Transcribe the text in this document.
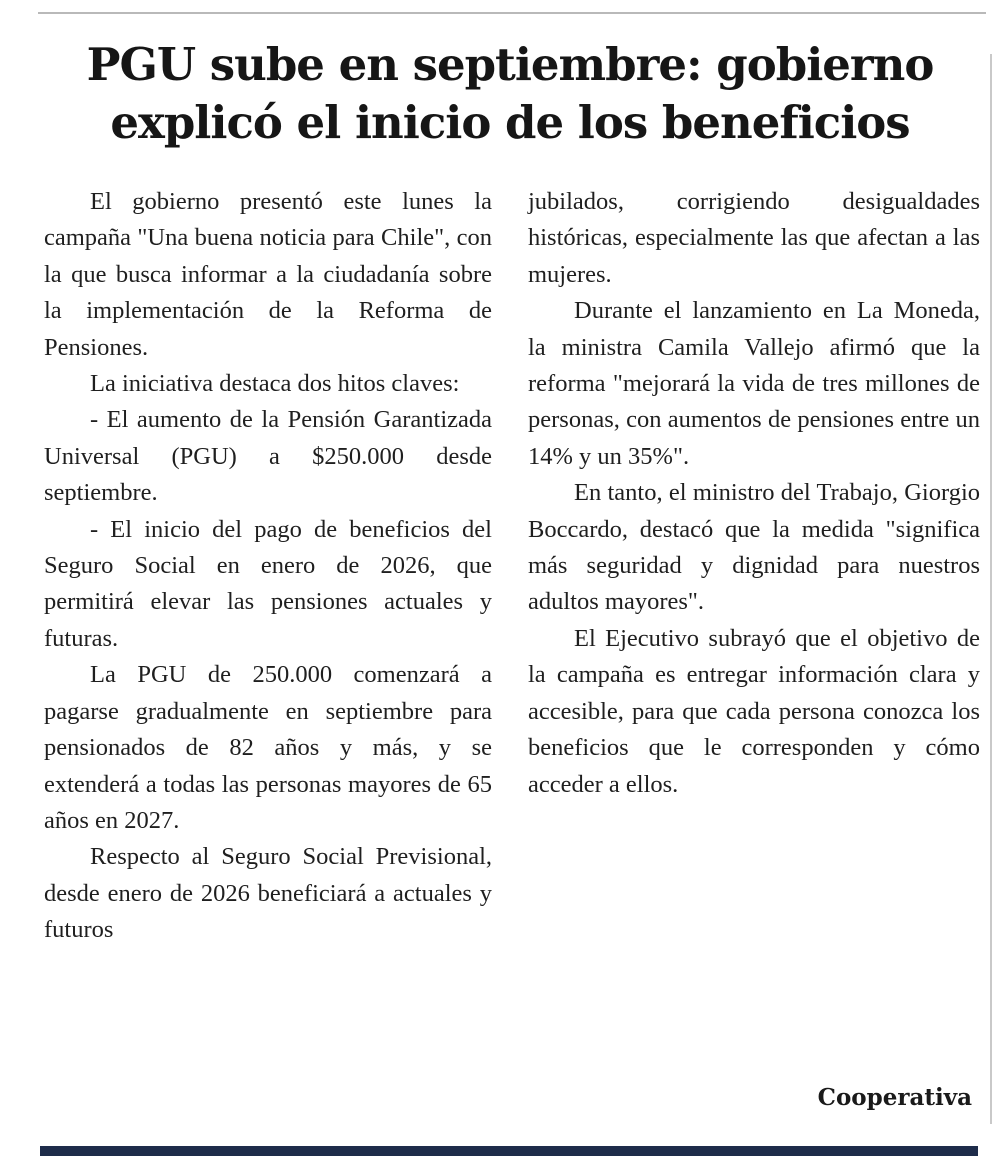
PGU sube en septiembre: gobierno
explicó el inicio de los beneficios

El gobierno presentó este lunes la campaña "Una buena noticia para Chile", con la que busca informar a la ciudadanía sobre la implementación de la Reforma de Pensiones.

La iniciativa destaca dos hitos claves:

- El aumento de la Pensión Garantizada Universal (PGU) a $250.000 desde septiembre.

- El inicio del pago de beneficios del Seguro Social en enero de 2026, que permitirá elevar las pensiones actuales y futuras.

La PGU de 250.000 comenzará a pagarse gradualmente en septiembre para pensionados de 82 años y más, y se extenderá a todas las personas mayores de 65 años en 2027.

Respecto al Seguro Social Previsional, desde enero de 2026 beneficiará a actuales y futuros

jubilados, corrigiendo desigualdades históricas, especialmente las que afectan a las mujeres.

Durante el lanzamiento en La Moneda, la ministra Camila Vallejo afirmó que la reforma "mejorará la vida de tres millones de personas, con aumentos de pensiones entre un 14% y un 35%".

En tanto, el ministro del Trabajo, Giorgio Boccardo, destacó que la medida "significa más seguridad y dignidad para nuestros adultos mayores".

El Ejecutivo subrayó que el objetivo de la campaña es entregar información clara y accesible, para que cada persona conozca los beneficios que le corresponden y cómo acceder a ellos.

Cooperativa
